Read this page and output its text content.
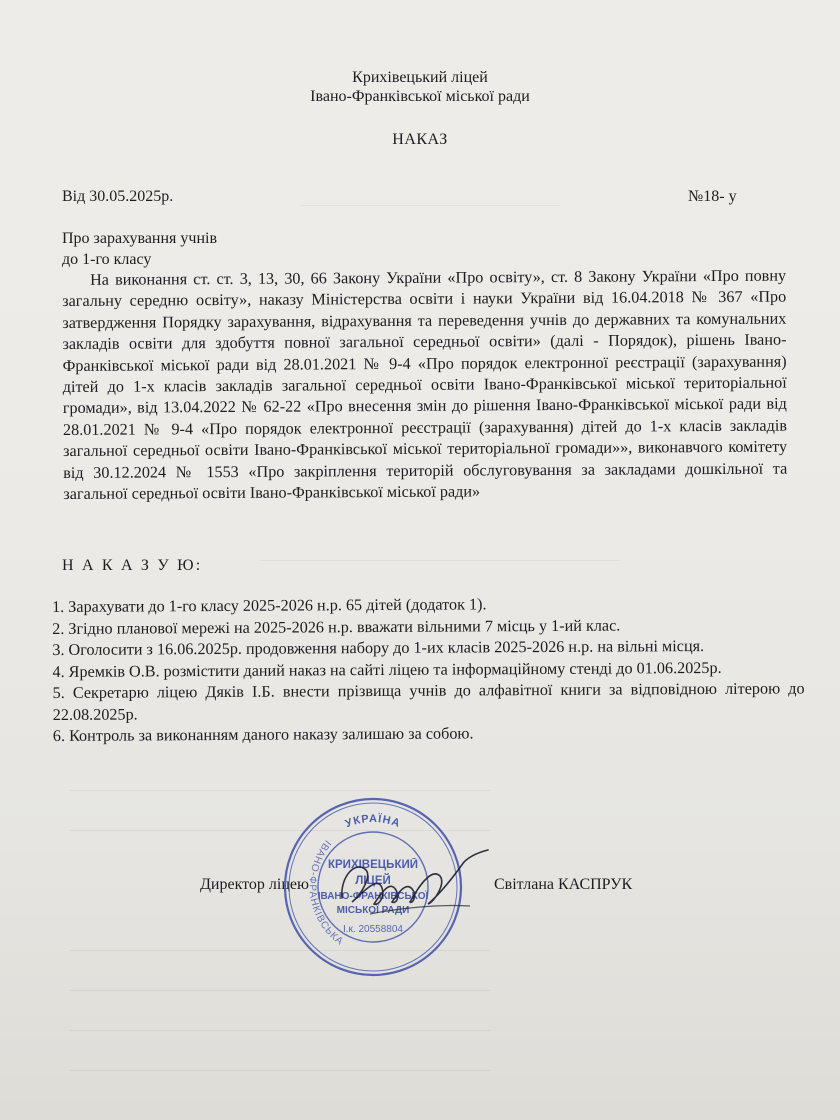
Крихівецький ліцей
Івано-Франківської міської ради
НАКАЗ
Від 30.05.2025р.	№18- у
Про зарахування учнів
до 1-го класу
На виконання ст. ст. 3, 13, 30, 66 Закону України «Про освіту», ст. 8 Закону України «Про повну загальну середню освіту», наказу Міністерства освіти і науки України від 16.04.2018 № 367 «Про затвердження Порядку зарахування, відрахування та переведення учнів до державних та комунальних закладів освіти для здобуття повної загальної середньої освіти» (далі - Порядок), рішень Івано-Франківської міської ради від 28.01.2021 № 9-4 «Про порядок електронної реєстрації (зарахування) дітей до 1-х класів закладів загальної середньої освіти Івано-Франківської міської територіальної громади», від 13.04.2022 № 62-22 «Про внесення змін до рішення Івано-Франківської міської ради від 28.01.2021 № 9-4 «Про порядок електронної реєстрації (зарахування) дітей до 1-х класів закладів загальної середньої освіти Івано-Франківської міської територіальної громади»», виконавчого комітету від 30.12.2024 № 1553 «Про закріплення територій обслуговування за закладами дошкільної та загальної середньої освіти Івано-Франківської міської ради»
Н А К А З У Ю:

1. Зарахувати до 1-го класу 2025-2026 н.р. 65 дітей (додаток 1).

2. Згідно планової мережі на 2025-2026 н.р. вважати вільними 7 місць у 1-ий клас.

3. Оголосити з 16.06.2025р. продовження набору до 1-их класів 2025-2026 н.р. на вільні місця.

4. Яремків О.В. розмістити даний наказ на сайті ліцею та інформаційному стенді до 01.06.2025р.

5. Секретарю ліцею Дяків І.Б. внести прізвища учнів до алфавітної книги за відповідною літерою до 22.08.2025р.

6. Контроль за виконанням даного наказу залишаю за собою.

Директор ліцею	Світлана КАСПРУК
УКРАЇНА
ІВАНО-ФРАНКІВСЬКА
КРИХІВЕЦЬКИЙ
ЛІЦЕЙ
ІВАНО-ФРАНКІВСЬКОЇ
МІСЬКОЇ РАДИ
І.к. 20558804
